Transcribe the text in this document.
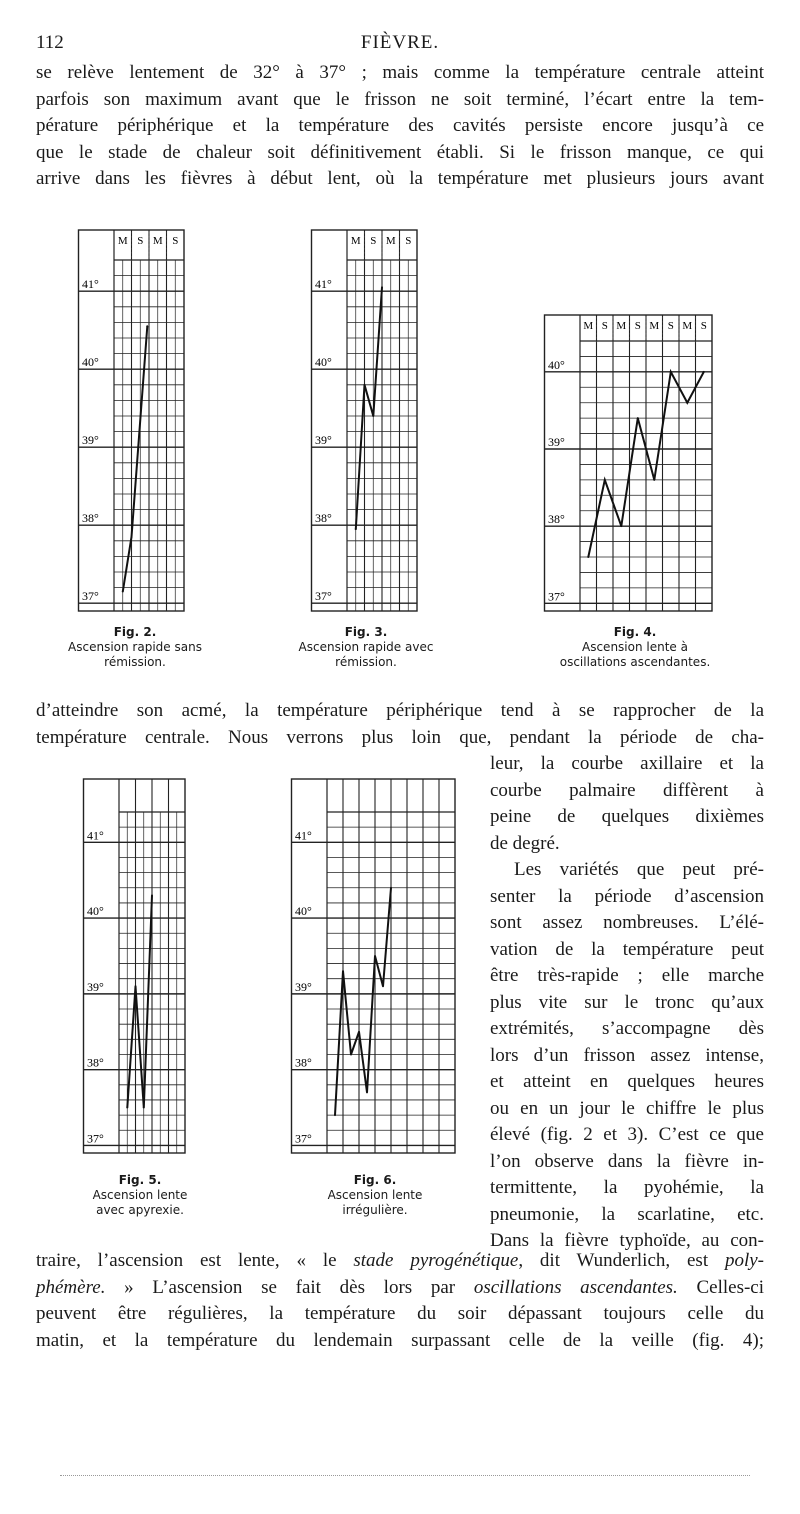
112	FIÈVRE.
se relève lentement de 32° à 37° ; mais comme la température centrale atteint
parfois son maximum avant que le frisson ne soit terminé, l’écart entre la tem-
pérature périphérique et la température des cavités persiste encore jusqu’à ce
que le stade de chaleur soit définitivement établi. Si le frisson manque, ce qui
arrive dans les fièvres à début lent, où la température met plusieurs jours avant
M S M S
41°
40°
39°
38°
37°
Fig. 2.
Ascension rapide sans rémission.
M S M S
41°
40°
39°
38°
37°
Fig. 3.
Ascension rapide avec rémission.
M S M S M S M S
40°
39°
38°
37°
Fig. 4.
Ascension lente à oscillations ascendantes.
d’atteindre son acmé, la température périphérique tend à se rapprocher de la
température centrale. Nous verrons plus loin que, pendant la période de cha-
41°
40°
39°
38°
37°
Fig. 5.
Ascension lente avec apyrexie.
41°
40°
39°
38°
37°
Fig. 6.
Ascension lente irrégulière.
leur, la courbe axillaire et la
courbe palmaire diffèrent à
peine de quelques dixièmes
de degré.
Les variétés que peut pré-
senter la période d’ascension
sont assez nombreuses. L’élé-
vation de la température peut
être très-rapide ; elle marche
plus vite sur le tronc qu’aux
extrémités, s’accompagne dès
lors d’un frisson assez intense,
et atteint en quelques heures
ou en un jour le chiffre le plus
élevé (fig. 2 et 3). C’est ce que
l’on observe dans la fièvre in-
termittente, la pyohémie, la
pneumonie, la scarlatine, etc.
Dans la fièvre typhoïde, au con-
traire, l’ascension est lente, « le stade pyrogénétique, dit Wunderlich, est poly-
phémère. » L’ascension se fait dès lors par oscillations ascendantes. Celles-ci
peuvent être régulières, la température du soir dépassant toujours celle du
matin, et la température du lendemain surpassant celle de la veille (fig. 4);
